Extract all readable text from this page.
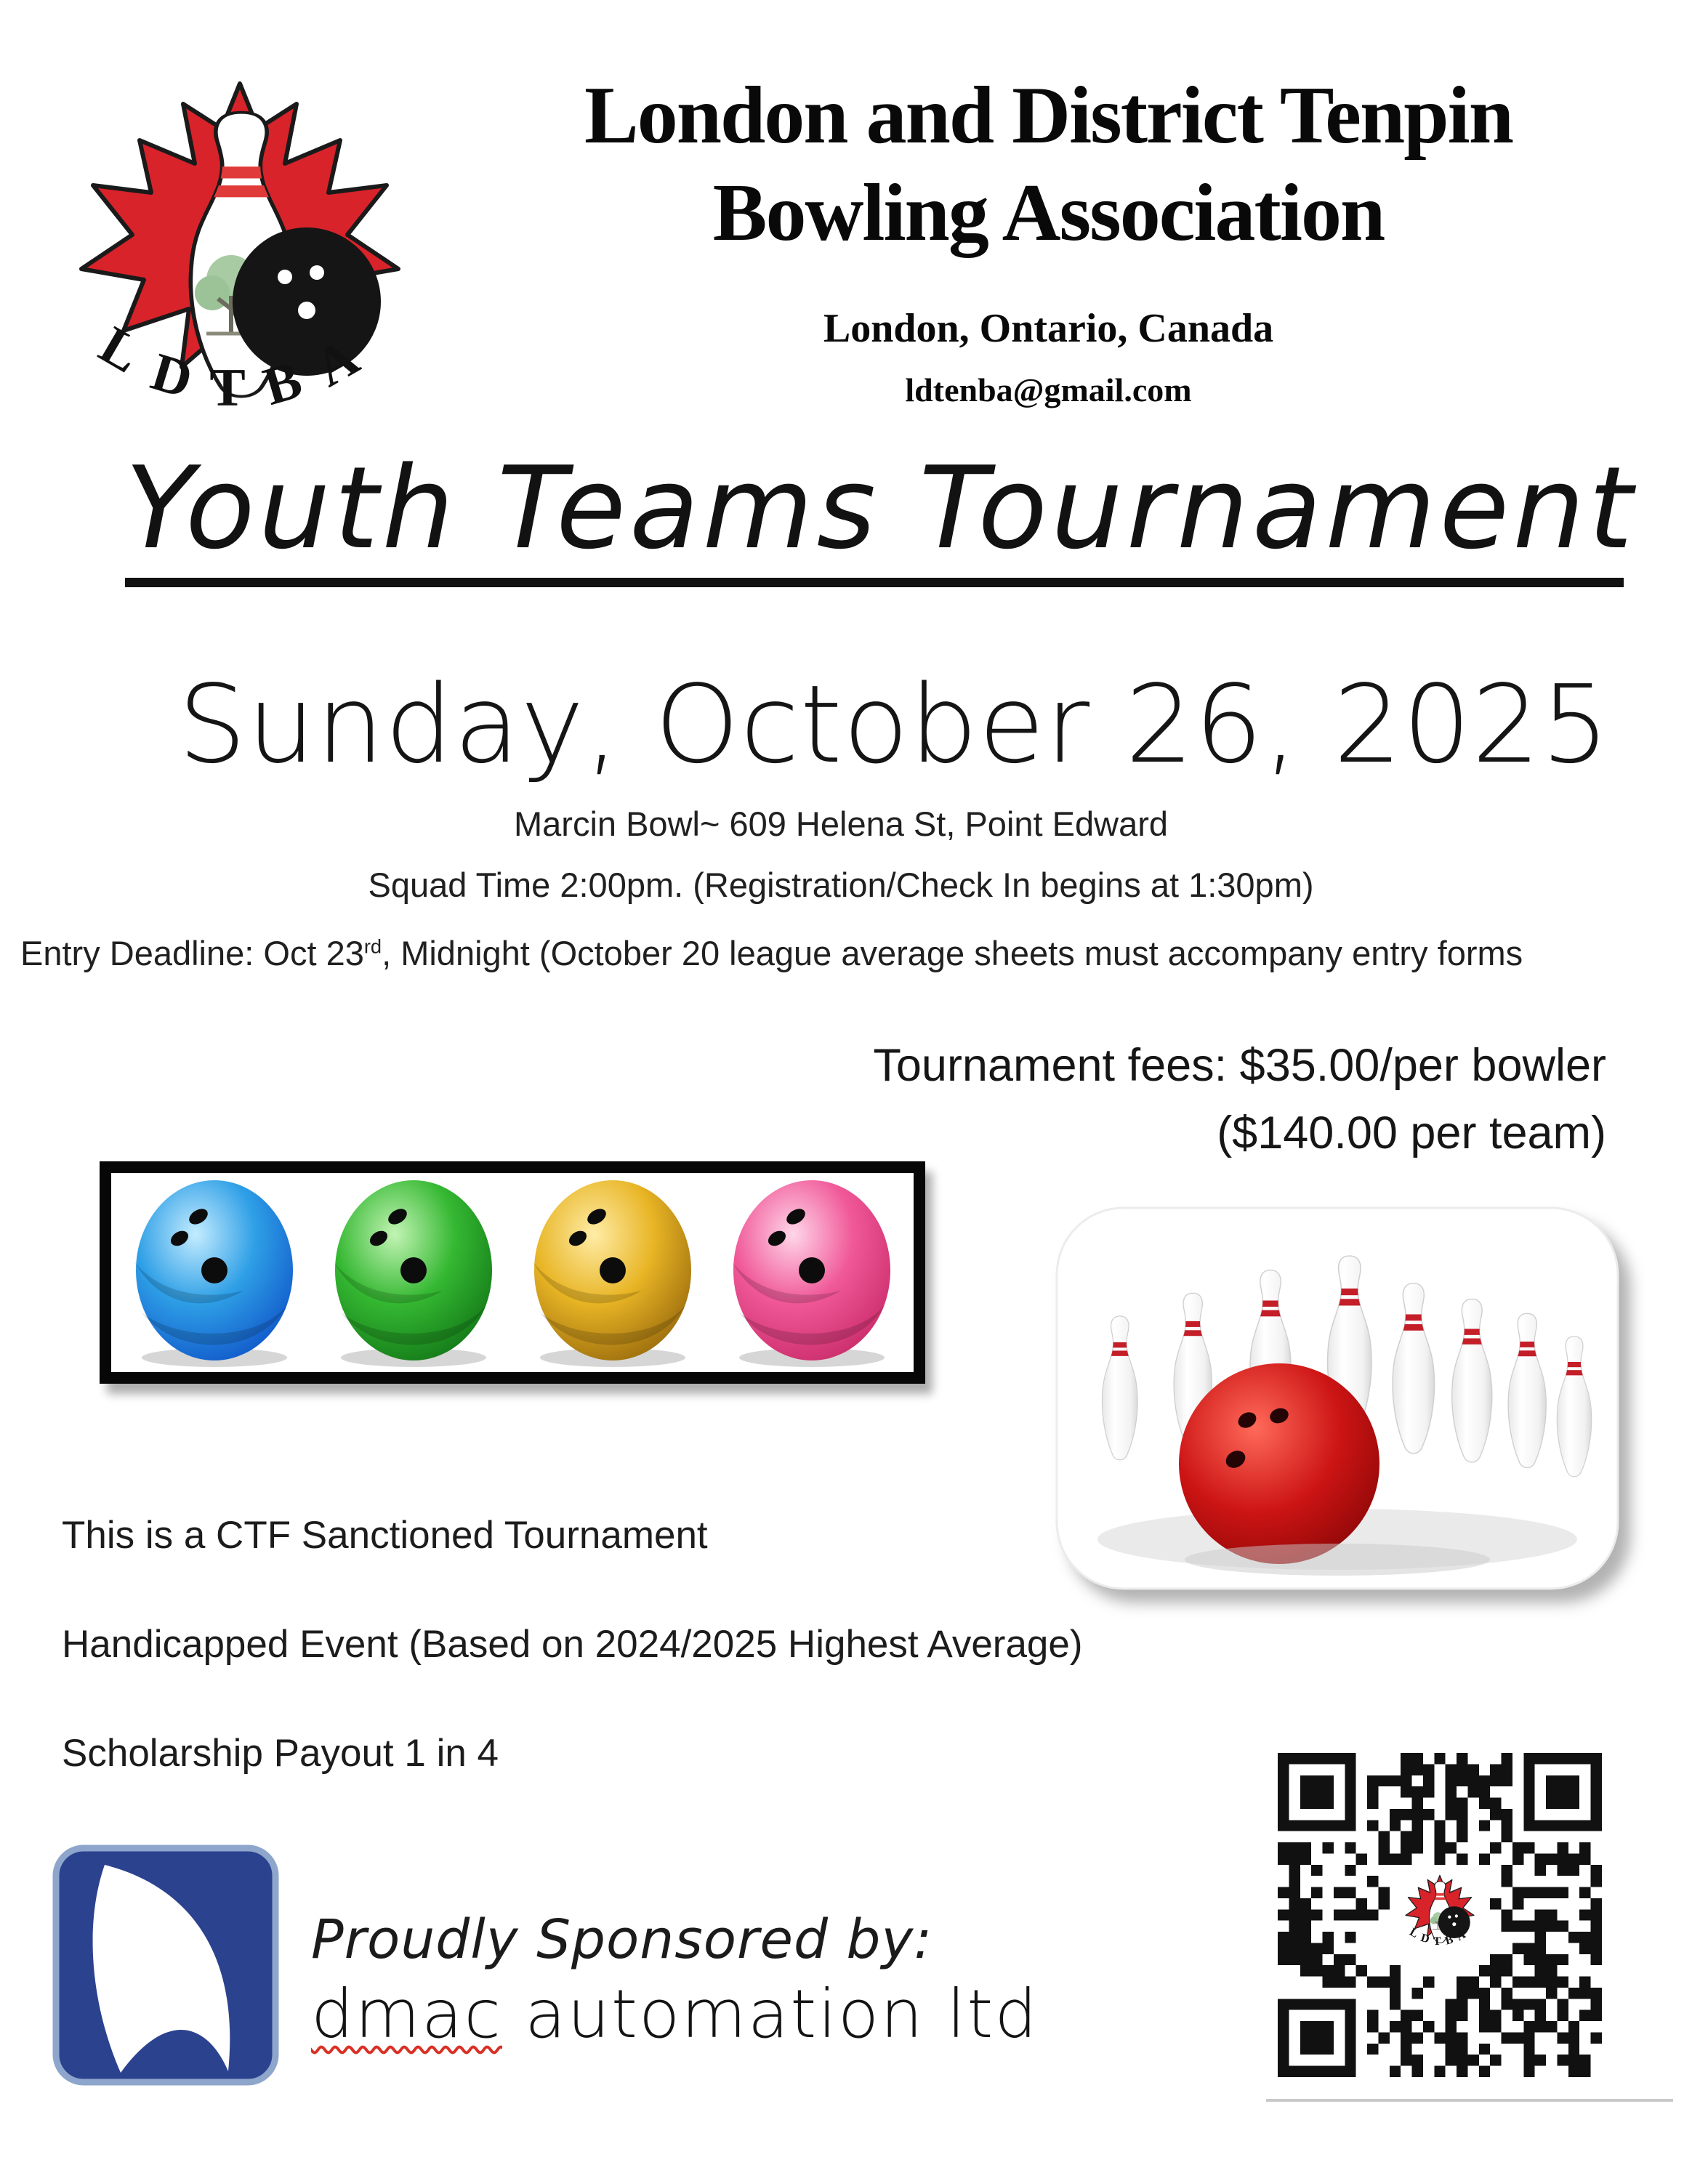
London and District Tenpin
Bowling Association
London, Ontario, Canada
ldtenba@gmail.com
Youth Teams Tournament
Sunday, October 26, 2025
Marcin Bowl~ 609 Helena St, Point Edward
Squad Time 2:00pm. (Registration/Check In begins at 1:30pm)
Entry Deadline: Oct 23rd, Midnight (October 20 league average sheets must accompany entry forms
Tournament fees: $35.00/per bowler
($140.00 per team)
This is a CTF Sanctioned Tournament
Handicapped Event (Based on 2024/2025 Highest Average)
Scholarship Payout 1 in 4
Proudly Sponsored by:
dmac automation ltd
